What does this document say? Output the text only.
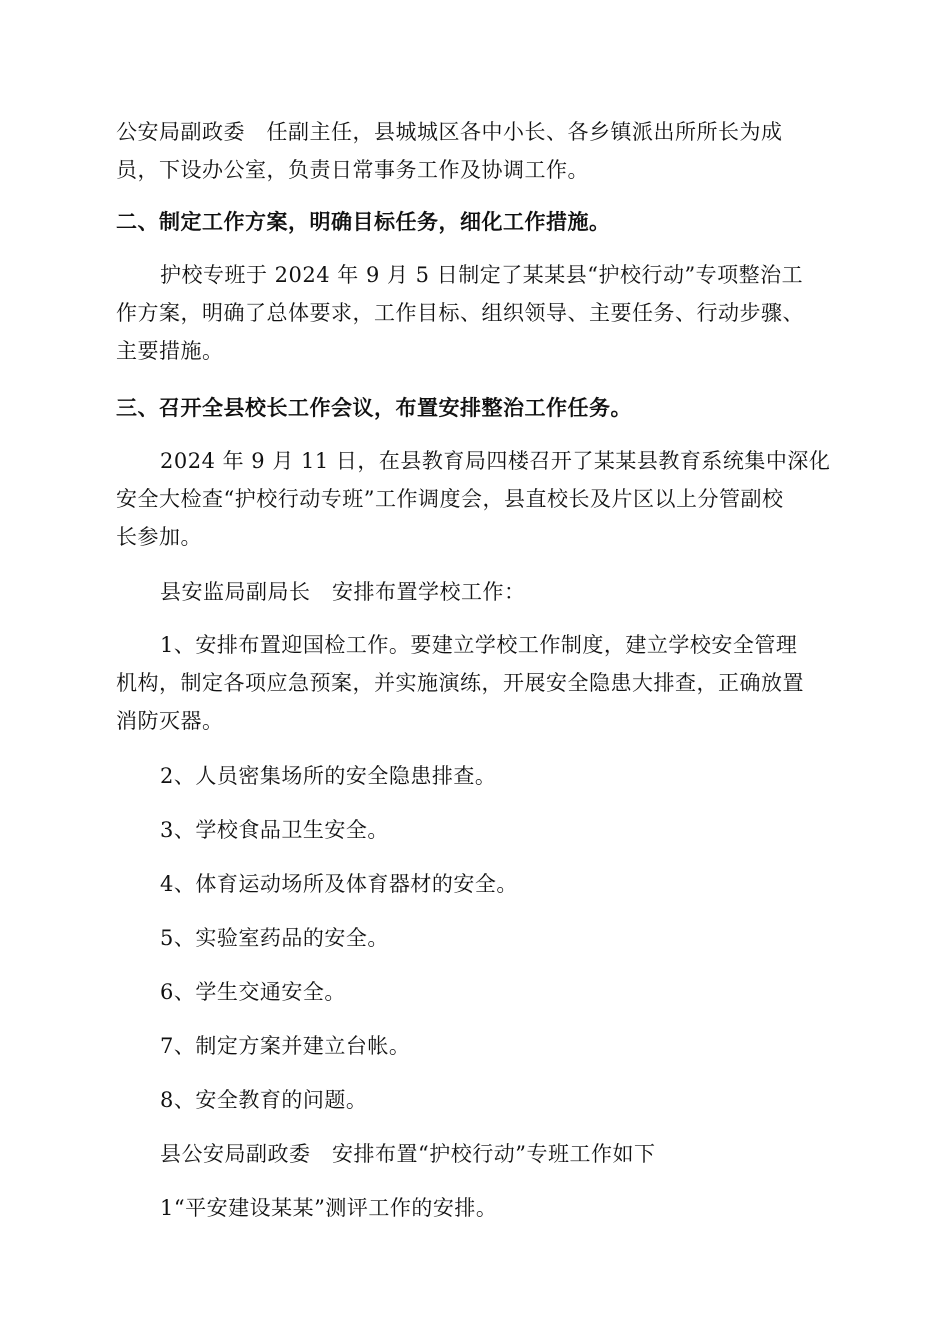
公安局副政委　任副主任，县城城区各中小长、各乡镇派出所所长为成
员，下设办公室，负责日常事务工作及协调工作。

二、制定工作方案，明确目标任务，细化工作措施。

护校专班于 2024 年 9 月 5 日制定了某某县“护校行动”专项整治工
作方案，明确了总体要求，工作目标、组织领导、主要任务、行动步骤、
主要措施。

三、召开全县校长工作会议，布置安排整治工作任务。

2024 年 9 月 11 日，在县教育局四楼召开了某某县教育系统集中深化
安全大检查“护校行动专班”工作调度会，县直校长及片区以上分管副校
长参加。

县安监局副局长　安排布置学校工作：

1、安排布置迎国检工作。要建立学校工作制度，建立学校安全管理
机构，制定各项应急预案，并实施演练，开展安全隐患大排查，正确放置
消防灭器。

2、人员密集场所的安全隐患排查。

3、学校食品卫生安全。

4、体育运动场所及体育器材的安全。

5、实验室药品的安全。

6、学生交通安全。

7、制定方案并建立台帐。

8、安全教育的问题。

县公安局副政委　安排布置“护校行动”专班工作如下

1“平安建设某某”测评工作的安排。
